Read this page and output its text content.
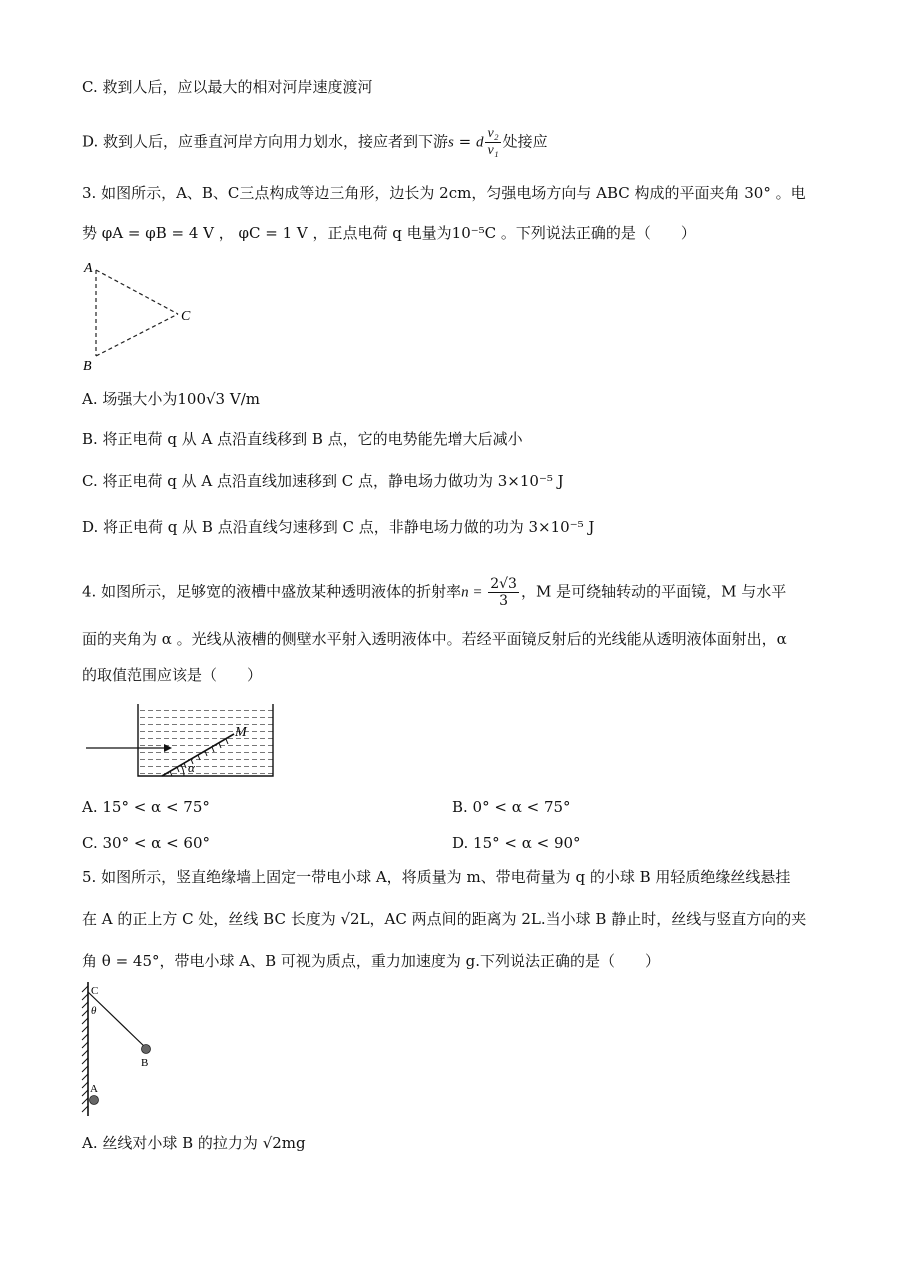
C. 救到人后，应以最大的相对河岸速度渡河
D. 救到人后，应垂直河岸方向用力划水，接应者到下游s = d $\frac{\text{v₂}}{\text{v₁}}$ 处接应
3. 如图所示，A、B、C三点构成等边三角形，边长为 2cm，匀强电场方向与 ABC 构成的平面夹角 30° 。电
势 φA = φB = 4 V ， φC = 1 V ，正点电荷 q 电量为10⁻⁵C 。下列说法正确的是（　　）
A
B
C
A. 场强大小为100√3 V/m
B. 将正电荷 q 从 A 点沿直线移到 B 点，它的电势能先增大后减小
C. 将正电荷 q 从 A 点沿直线加速移到 C 点，静电场力做功为 3×10⁻⁵ J
D. 将正电荷 q 从 B 点沿直线匀速移到 C 点，非静电场力做的功为 3×10⁻⁵ J
4. 如图所示，足够宽的液槽中盛放某种透明液体的折射率$n = \frac{2√3}{3}$ ，M 是可绕轴转动的平面镜，M 与水平
面的夹角为 α 。光线从液槽的侧壁水平射入透明液体中。若经平面镜反射后的光线能从透明液体面射出，α
的取值范围应该是（　　）
α
M
A. 15° < α < 75°	B. 0° < α < 75°
C. 30° < α < 60°	D. 15° < α < 90°
5. 如图所示，竖直绝缘墙上固定一带电小球 A，将质量为 m、带电荷量为 q 的小球 B 用轻质绝缘丝线悬挂
在 A 的正上方 C 处，丝线 BC 长度为 √2L，AC 两点间的距离为 2L.当小球 B 静止时，丝线与竖直方向的夹
角 θ = 45°，带电小球 A、B 可视为质点，重力加速度为 g.下列说法正确的是（　　）
C
θ
B
A
A. 丝线对小球 B 的拉力为 √2mg
